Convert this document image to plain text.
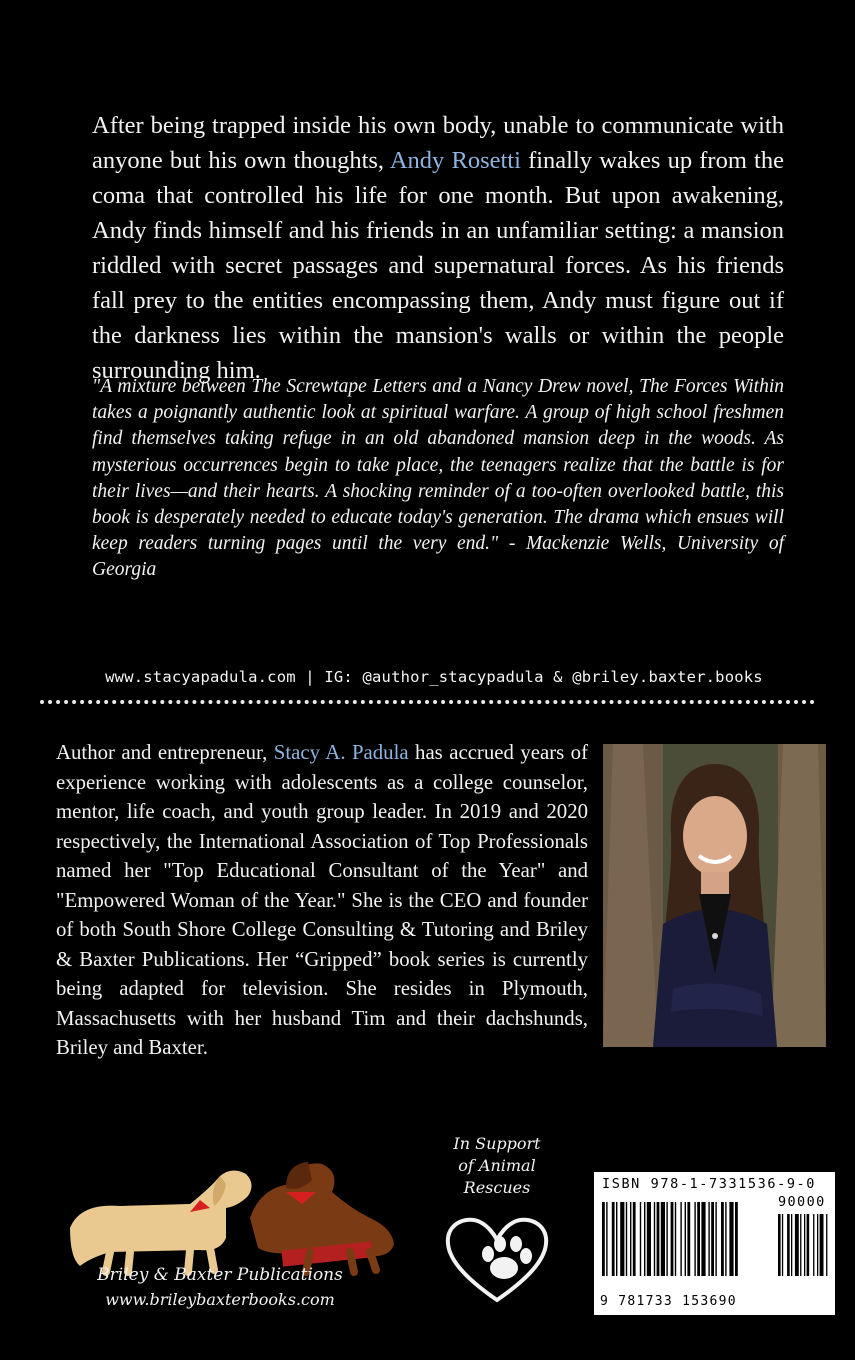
After being trapped inside his own body, unable to communicate with anyone but his own thoughts, Andy Rosetti finally wakes up from the coma that controlled his life for one month. But upon awakening, Andy finds himself and his friends in an unfamiliar setting: a mansion riddled with secret passages and supernatural forces. As his friends fall prey to the entities encompassing them, Andy must figure out if the darkness lies within the mansion's walls or within the people surrounding him.

"A mixture between The Screwtape Letters and a Nancy Drew novel, The Forces Within takes a poignantly authentic look at spiritual warfare. A group of high school freshmen find themselves taking refuge in an old abandoned mansion deep in the woods. As mysterious occurrences begin to take place, the teenagers realize that the battle is for their lives—and their hearts. A shocking reminder of a too-often overlooked battle, this book is desperately needed to educate today's generation. The drama which ensues will keep readers turning pages until the very end." - Mackenzie Wells, University of Georgia

www.stacyapadula.com | IG: @author_stacypadula & @briley.baxter.books

Author and entrepreneur, Stacy A. Padula has accrued years of experience working with adolescents as a college counselor, mentor, life coach, and youth group leader. In 2019 and 2020 respectively, the International Association of Top Professionals named her "Top Educational Consultant of the Year" and "Empowered Woman of the Year." She is the CEO and founder of both South Shore College Consulting & Tutoring and Briley & Baxter Publications. Her “Gripped” book series is currently being adapted for television. She resides in Plymouth, Massachusetts with her husband Tim and their dachshunds, Briley and Baxter.

Briley & Baxter Publications
www.brileybaxterbooks.com
In Support
of Animal
Rescues	ISBN 978-1-7331536-9-0
90000
9 781733 153690
